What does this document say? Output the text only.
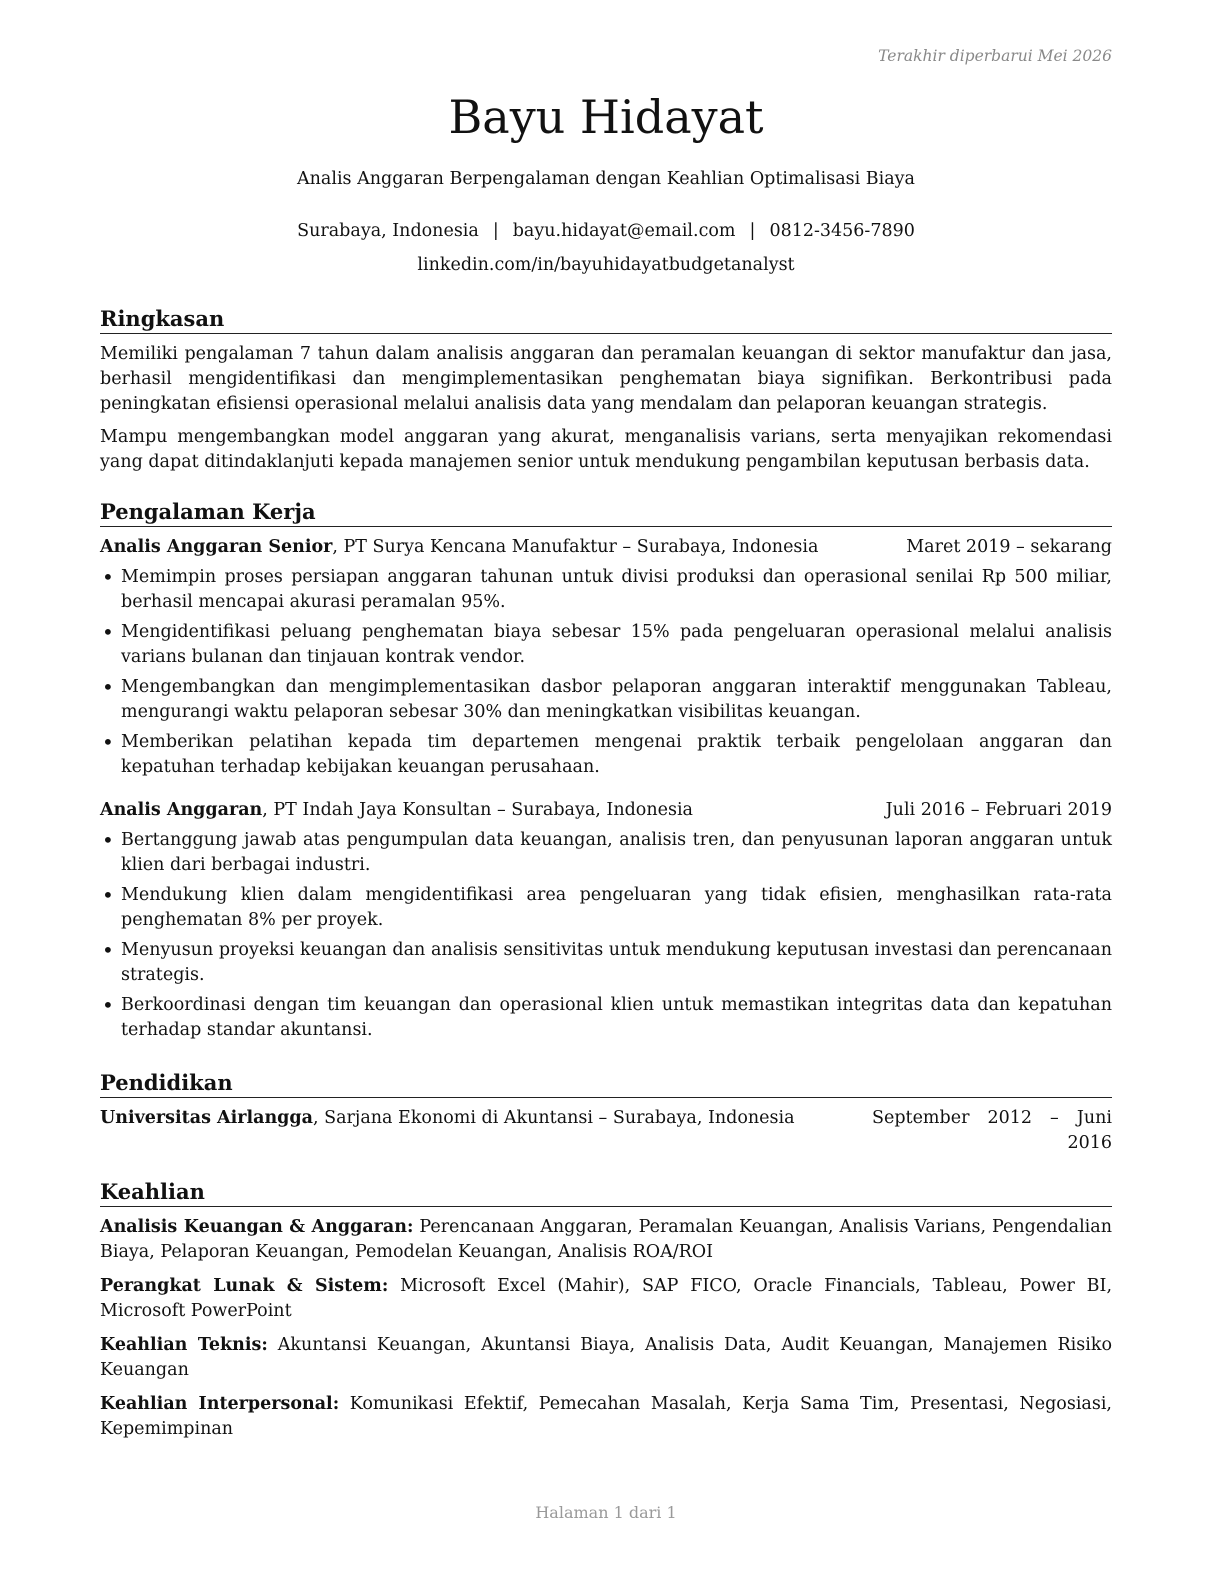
Terakhir diperbarui Mei 2026
Bayu Hidayat
Analis Anggaran Berpengalaman dengan Keahlian Optimalisasi Biaya
Surabaya, Indonesia | bayu.hidayat@email.com | 0812-3456-7890
linkedin.com/in/bayuhidayatbudgetanalyst
Ringkasan

Memiliki pengalaman 7 tahun dalam analisis anggaran dan peramalan keuangan di sektor manufaktur dan jasa, berhasil mengidentifikasi dan mengimplementasikan penghematan biaya signifikan. Berkontribusi pada peningkatan efisiensi operasional melalui analisis data yang mendalam dan pelaporan keuangan strategis.

Mampu mengembangkan model anggaran yang akurat, menganalisis varians, serta menyajikan rekomendasi yang dapat ditindaklanjuti kepada manajemen senior untuk mendukung pengambilan keputusan berbasis data.

Pengalaman Kerja
Analis Anggaran Senior, PT Surya Kencana Manufaktur – Surabaya, Indonesia	Maret 2019 – sekarang
• Memimpin proses persiapan anggaran tahunan untuk divisi produksi dan operasional senilai Rp 500 miliar, berhasil mencapai akurasi peramalan 95%.
• Mengidentifikasi peluang penghematan biaya sebesar 15% pada pengeluaran operasional melalui analisis varians bulanan dan tinjauan kontrak vendor.
• Mengembangkan dan mengimplementasikan dasbor pelaporan anggaran interaktif menggunakan Tableau, mengurangi waktu pelaporan sebesar 30% dan meningkatkan visibilitas keuangan.
• Memberikan pelatihan kepada tim departemen mengenai praktik terbaik pengelolaan anggaran dan kepatuhan terhadap kebijakan keuangan perusahaan.
Analis Anggaran, PT Indah Jaya Konsultan – Surabaya, Indonesia	Juli 2016 – Februari 2019
• Bertanggung jawab atas pengumpulan data keuangan, analisis tren, dan penyusunan laporan anggaran untuk klien dari berbagai industri.
• Mendukung klien dalam mengidentifikasi area pengeluaran yang tidak efisien, menghasilkan rata-rata penghematan 8% per proyek.
• Menyusun proyeksi keuangan dan analisis sensitivitas untuk mendukung keputusan investasi dan perencanaan strategis.
• Berkoordinasi dengan tim keuangan dan operasional klien untuk memastikan integritas data dan kepatuhan terhadap standar akuntansi.
Pendidikan
Universitas Airlangga, Sarjana Ekonomi di Akuntansi – Surabaya, Indonesia	September 2012 – Juni
2016
Keahlian

Analisis Keuangan & Anggaran: Perencanaan Anggaran, Peramalan Keuangan, Analisis Varians, Pengendalian Biaya, Pelaporan Keuangan, Pemodelan Keuangan, Analisis ROA/ROI

Perangkat Lunak & Sistem: Microsoft Excel (Mahir), SAP FICO, Oracle Financials, Tableau, Power BI, Microsoft PowerPoint

Keahlian Teknis: Akuntansi Keuangan, Akuntansi Biaya, Analisis Data, Audit Keuangan, Manajemen Risiko Keuangan

Keahlian Interpersonal: Komunikasi Efektif, Pemecahan Masalah, Kerja Sama Tim, Presentasi, Negosiasi, Kepemimpinan

Halaman 1 dari 1
